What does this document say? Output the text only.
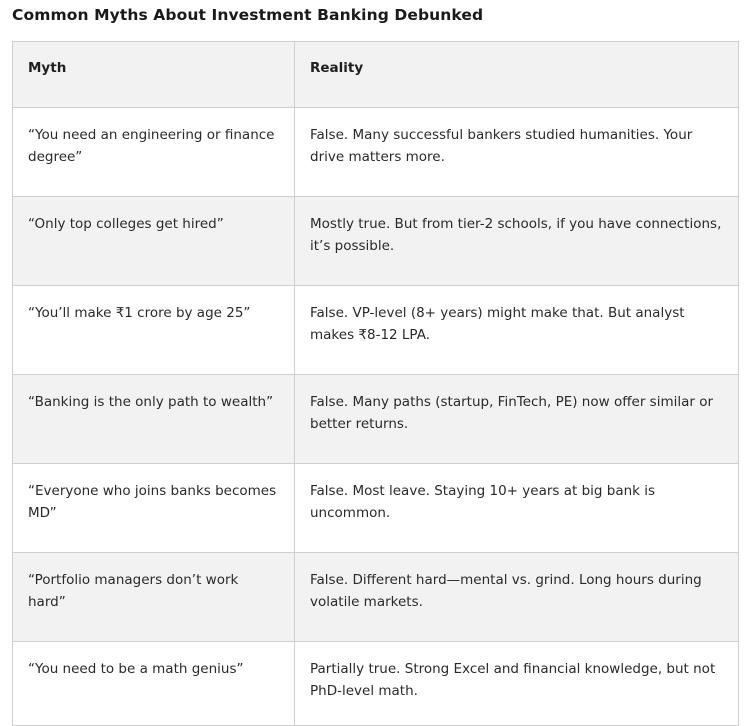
Common Myths About Investment Banking Debunked
Myth	Reality
“You need an engineering or finance degree”	False. Many successful bankers studied humanities. Your drive matters more.
“Only top colleges get hired”	Mostly true. But from tier-2 schools, if you have connections, it’s possible.
“You’ll make ₹1 crore by age 25”	False. VP-level (8+ years) might make that. But analyst makes ₹8-12 LPA.
“Banking is the only path to wealth”	False. Many paths (startup, FinTech, PE) now offer similar or better returns.
“Everyone who joins banks becomes MD”	False. Most leave. Staying 10+ years at big bank is uncommon.
“Portfolio managers don’t work hard”	False. Different hard—mental vs. grind. Long hours during volatile markets.
“You need to be a math genius”	Partially true. Strong Excel and financial knowledge, but not PhD-level math.
